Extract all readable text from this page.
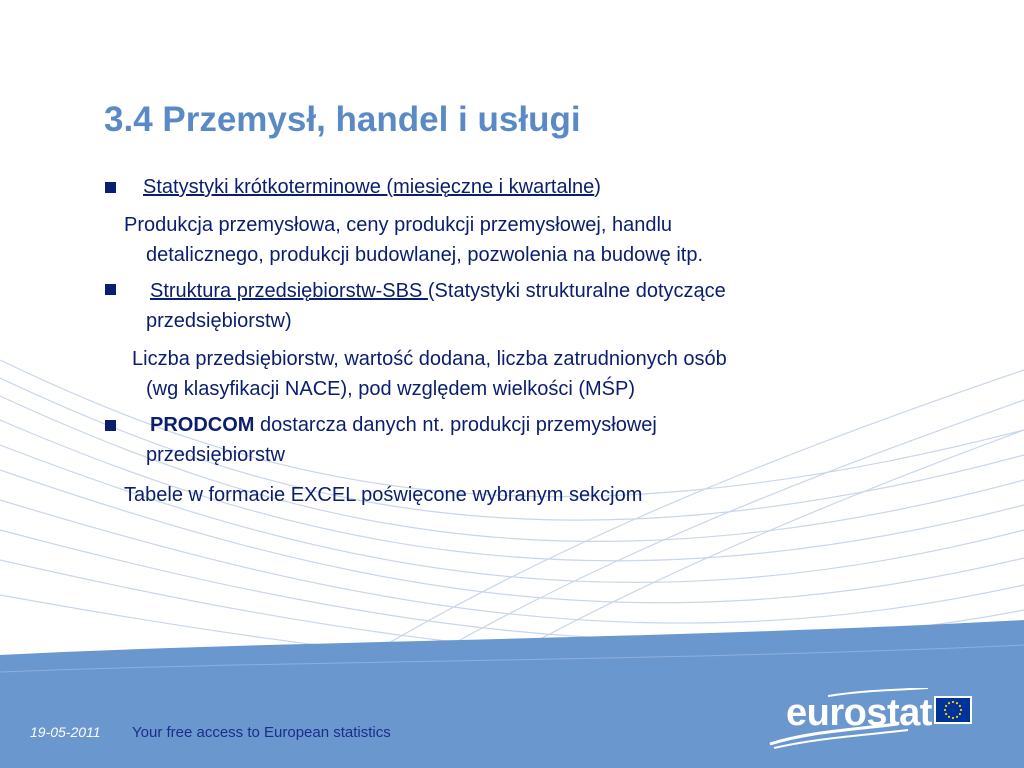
3.4 Przemysł, handel i usługi
Statystyki krótkoterminowe (miesięczne i kwartalne)
Produkcja przemysłowa, ceny produkcji przemysłowej, handlu
detalicznego, produkcji budowlanej, pozwolenia na budowę itp.
Struktura przedsiębiorstw-SBS (Statystyki strukturalne dotyczące
przedsiębiorstw)
Liczba przedsiębiorstw, wartość dodana, liczba zatrudnionych osób
(wg klasyfikacji NACE), pod względem wielkości (MŚP)
PRODCOM dostarcza danych nt. produkcji przemysłowej
przedsiębiorstw
Tabele w formacie EXCEL poświęcone wybranym sekcjom
19-05-2011 Your free access to European statistics	eurostat
